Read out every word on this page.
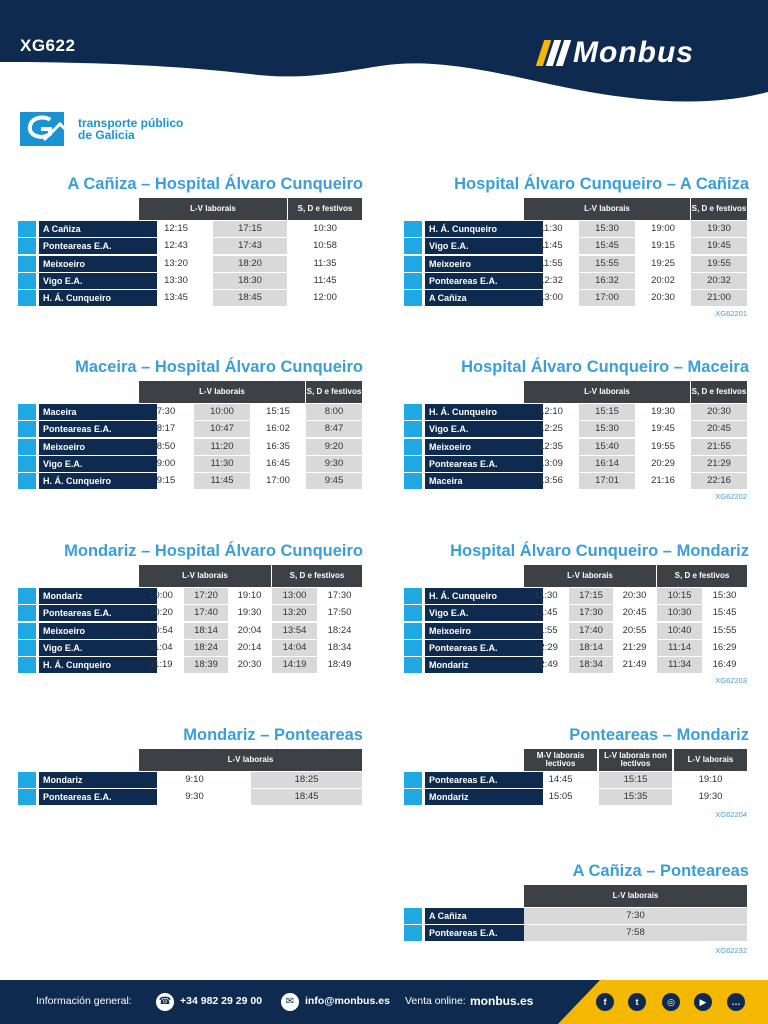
XG622	Monbus
transporte público
de Galicia
A Cañiza – Hospital Álvaro Cunqueiro
L-V laborais	S, D e festivos
A Cañiza	12:15	17:15	10:30
Ponteareas E.A.	12:43	17:43	10:58
Meixoeiro	13:20	18:20	11:35
Vigo E.A.	13:30	18:30	11:45
H. Á. Cunqueiro	13:45	18:45	12:00
Hospital Álvaro Cunqueiro – A Cañiza
L-V laborais	S, D e festivos
XG62201
H. Á. Cunqueiro	11:30	15:30	19:00	19:30
Vigo E.A.	11:45	15:45	19:15	19:45
Meixoeiro	11:55	15:55	19:25	19:55
Ponteareas E.A.	12:32	16:32	20:02	20:32
A Cañiza	13:00	17:00	20:30	21:00
Maceira – Hospital Álvaro Cunqueiro
L-V laborais	S, D e festivos
Maceira	7:30	10:00	15:15	8:00
Ponteareas E.A.	8:17	10:47	16:02	8:47
Meixoeiro	8:50	11:20	16:35	9:20
Vigo E.A.	9:00	11:30	16:45	9:30
H. Á. Cunqueiro	9:15	11:45	17:00	9:45
Hospital Álvaro Cunqueiro – Maceira
L-V laborais	S, D e festivos
XG62202
H. Á. Cunqueiro	12:10	15:15	19:30	20:30
Vigo E.A.	12:25	15:30	19:45	20:45
Meixoeiro	12:35	15:40	19:55	21:55
Ponteareas E.A.	13:09	16:14	20:29	21:29
Maceira	13:56	17:01	21:16	22:16
Mondariz – Hospital Álvaro Cunqueiro
L-V laborais	S, D e festivos
Mondariz	10:00	17:20	19:10	13:00	17:30
Ponteareas E.A.	10:20	17:40	19:30	13:20	17:50
Meixoeiro	10:54	18:14	20:04	13:54	18:24
Vigo E.A.	11:04	18:24	20:14	14:04	18:34
H. Á. Cunqueiro	11:19	18:39	20:30	14:19	18:49
Hospital Álvaro Cunqueiro – Mondariz
L-V laborais	S, D e festivos
XG62203
H. Á. Cunqueiro	11:30	17:15	20:30	10:15	15:30
Vigo E.A.	11:45	17:30	20:45	10:30	15:45
Meixoeiro	11:55	17:40	20:55	10:40	15:55
Ponteareas E.A.	12:29	18:14	21:29	11:14	16:29
Mondariz	12:49	18:34	21:49	11:34	16:49
Mondariz – Ponteareas
L-V laborais
Mondariz	9:10	18:25
Ponteareas E.A.	9:30	18:45
Ponteareas – Mondariz
M-V laborais lectivos
L-V laborais non lectivos	L-V laborais
XG62204
Ponteareas E.A.	14:45	15:15	19:10
Mondariz	15:05	15:35	19:30
A Cañiza – Ponteareas
L-V laborais
XG62232
A Cañiza	7:30
Ponteareas E.A.	7:58
Información general:	☎ +34 982 29 29 00	✉	info@monbus.es Venta online: monbus.es	f	t	◎	▶	…
